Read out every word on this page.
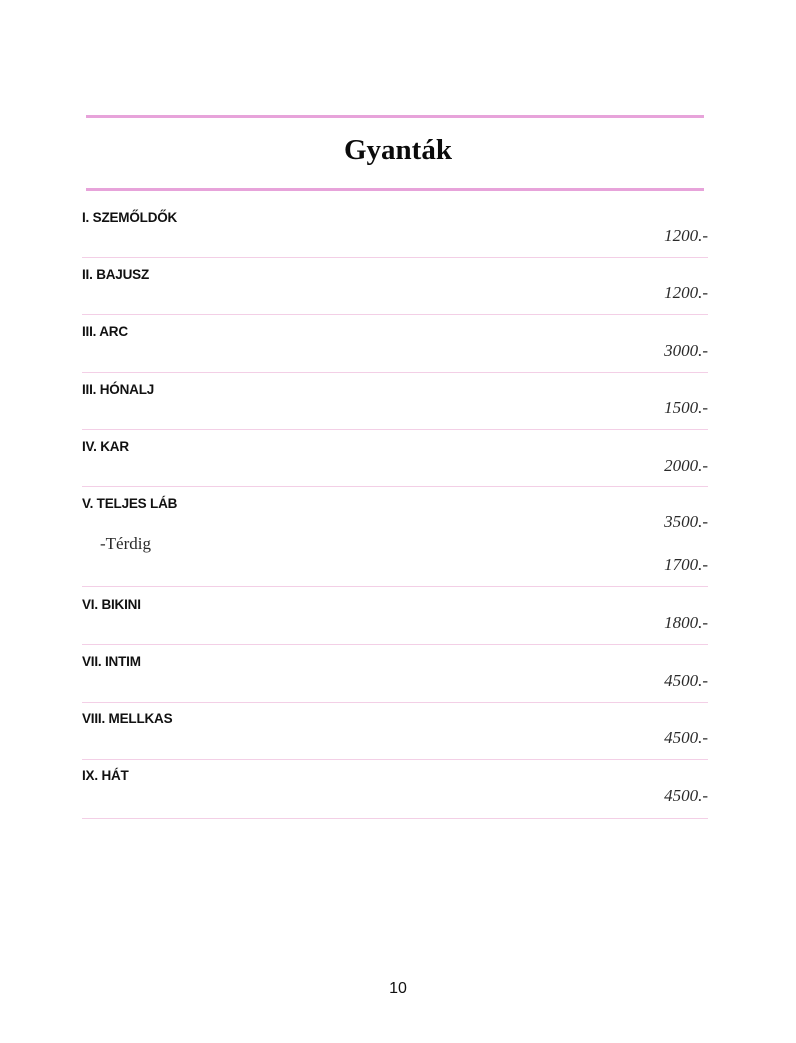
Gyanták
I. SZEMŐLDŐK
1200.-
II. BAJUSZ
1200.-
III. ARC
3000.-
III. HÓNALJ
1500.-
IV. KAR
2000.-
V. TELJES LÁB
3500.-
-Térdig
1700.-
VI. BIKINI
1800.-
VII. INTIM
4500.-
VIII. MELLKAS
4500.-
IX. HÁT
4500.-
10
